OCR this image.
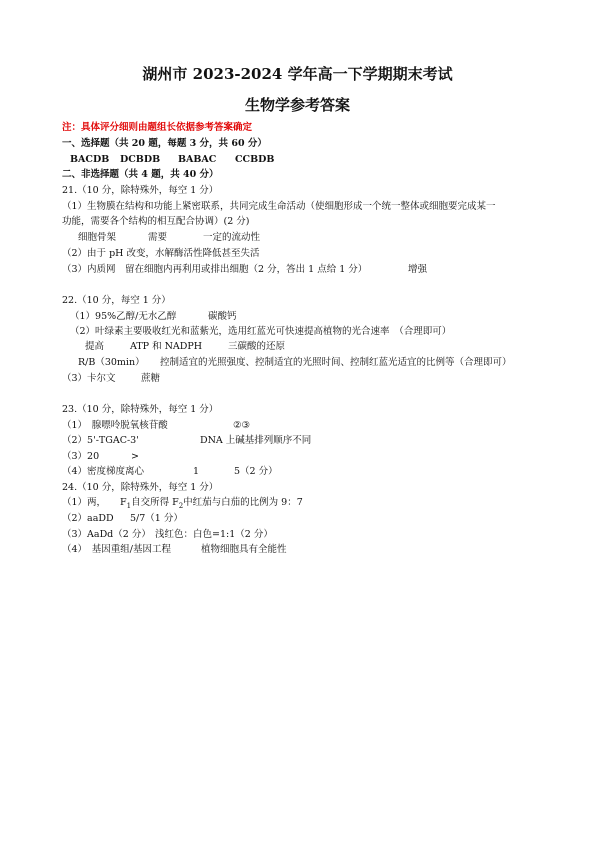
湖州市 2023-2024 学年高一下学期期末考试
生物学参考答案
注：具体评分细则由题组长依据参考答案确定
一、选择题（共 20 题，每题 3 分，共 60 分）
BACDB DCBDB BABAC CCBDB
二、非选择题（共 4 题，共 40 分）
21.（10 分，除特殊外，每空 1 分）
（1）生物膜在结构和功能上紧密联系，共同完成生命活动（使细胞形成一个统一整体或细胞要完成某一
功能，需要各个结构的相互配合协调）(2 分)
细胞骨架	需要	一定的流动性
（2）由于 pH 改变，水解酶活性降低甚至失活
（3）内质网　留在细胞内再利用或排出细胞（2 分，答出 1 点给 1 分）	增强
22.（10 分，每空 1 分）
（1）95%乙醇/无水乙醇	碳酸钙
（2）叶绿素主要吸收红光和蓝紫光，选用红蓝光可快速提高植物的光合速率　（合理即可）
提高	ATP 和 NADPH	三碳酸的还原
R/B（30min） 控制适宜的光照强度、控制适宜的光照时间、控制红蓝光适宜的比例等（合理即可）
（3）卡尔文	蔗糖
23.（10 分，除特殊外，每空 1 分）
（1）　腺嘌呤脱氧核苷酸	②③
（2）5'-TGAC-3'	DNA 上碱基排列顺序不同
（3）20	>
（4）密度梯度离心	1	5（2 分）
24.（10 分，除特殊外，每空 1 分）
（1）两， $F_1$自交所得 $F_2$中红茄与白茄的比例为 9：7
（2）aaDD 5/7（1 分）
（3）AaDd（2 分） 浅红色：白色=1:1（2 分）
（4）　基因重组/基因工程	植物细胞具有全能性
